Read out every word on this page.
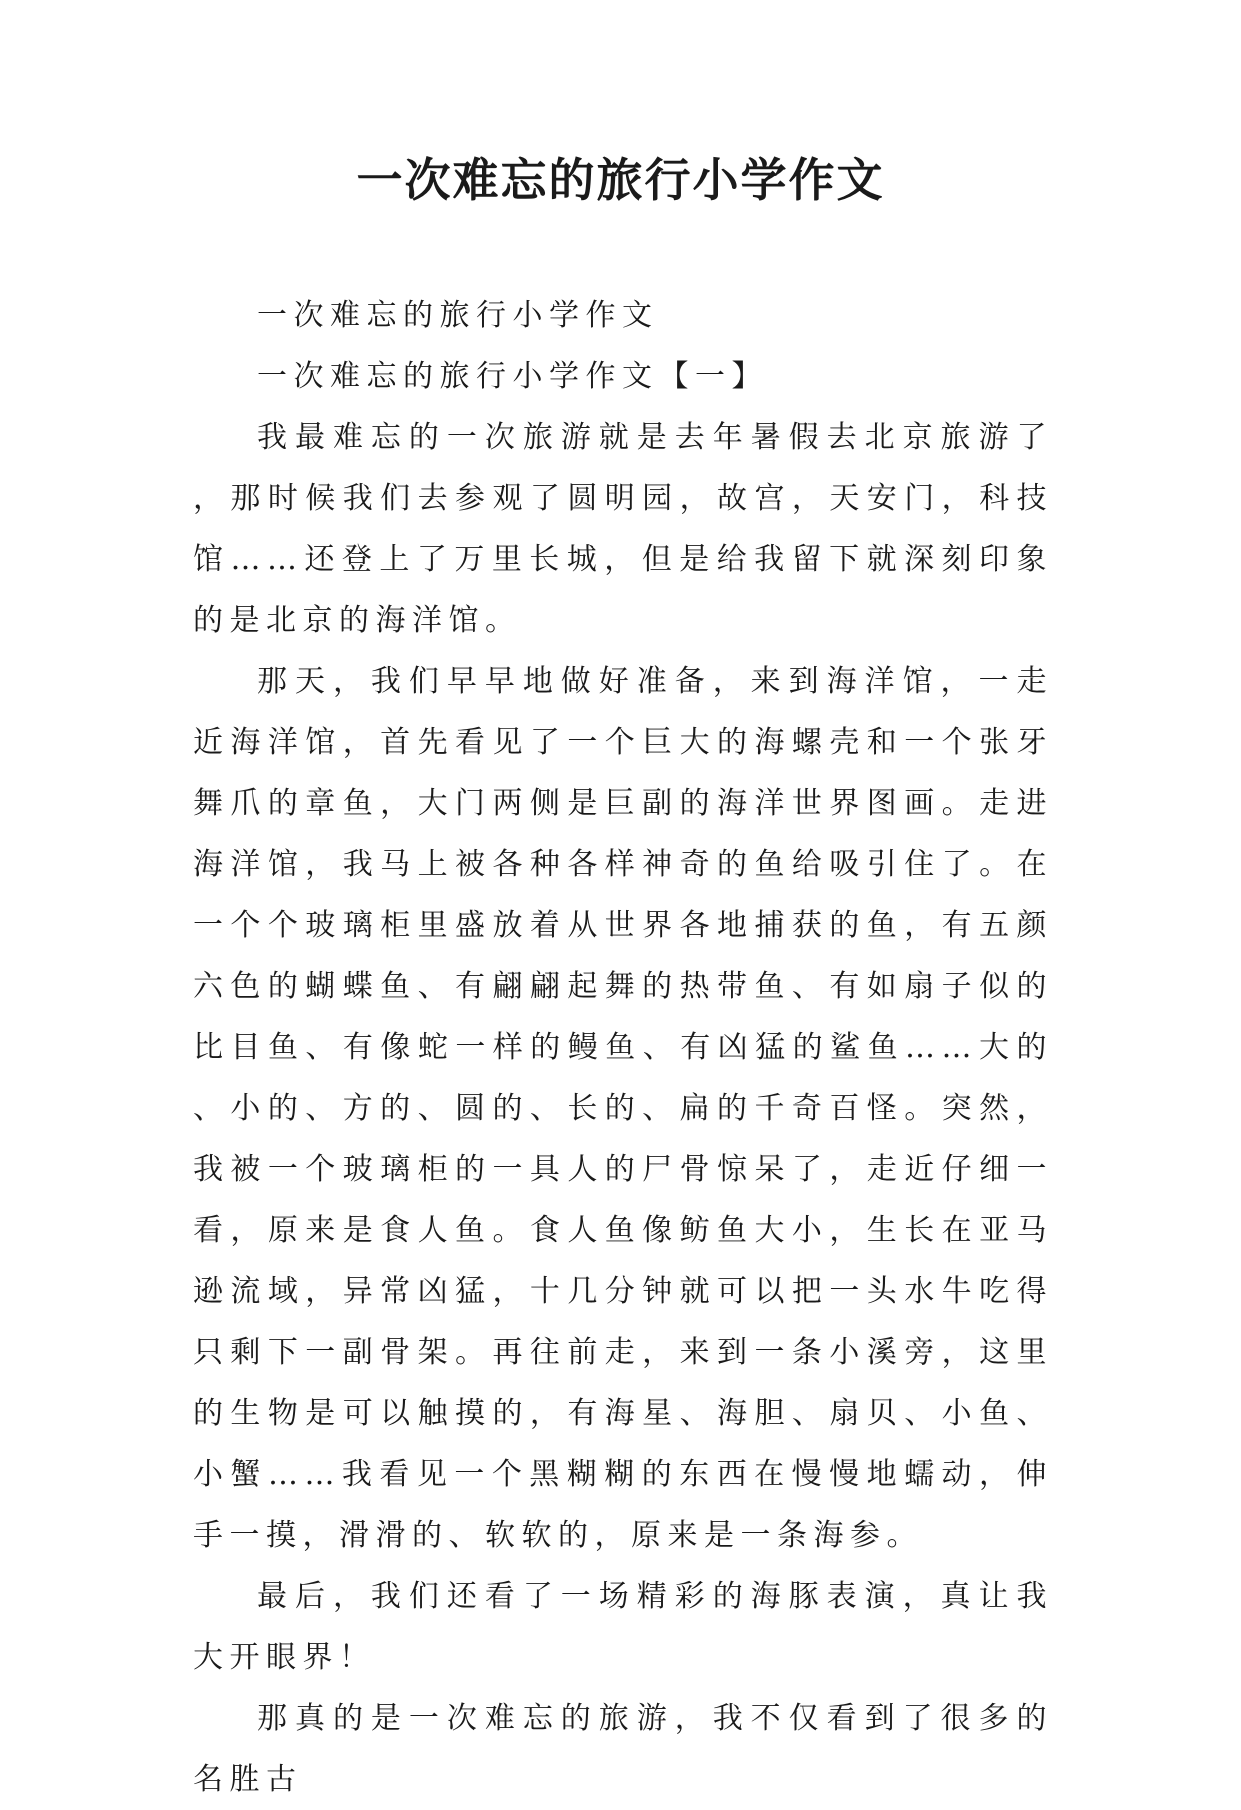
一次难忘的旅行小学作文

一次难忘的旅行小学作文

一次难忘的旅行小学作文【一】

我最难忘的一次旅游就是去年暑假去北京旅游了，那时候我们去参观了圆明园，故宫，天安门，科技馆……还登上了万里长城，但是给我留下就深刻印象的是北京的海洋馆。

那天，我们早早地做好准备，来到海洋馆，一走近海洋馆，首先看见了一个巨大的海螺壳和一个张牙舞爪的章鱼，大门两侧是巨副的海洋世界图画。走进海洋馆，我马上被各种各样神奇的鱼给吸引住了。在一个个玻璃柜里盛放着从世界各地捕获的鱼，有五颜六色的蝴蝶鱼、有翩翩起舞的热带鱼、有如扇子似的比目鱼、有像蛇一样的鳗鱼、有凶猛的鲨鱼……大的、小的、方的、圆的、长的、扁的千奇百怪。突然，我被一个玻璃柜的一具人的尸骨惊呆了，走近仔细一看，原来是食人鱼。食人鱼像鲂鱼大小，生长在亚马逊流域，异常凶猛，十几分钟就可以把一头水牛吃得只剩下一副骨架。再往前走，来到一条小溪旁，这里的生物是可以触摸的，有海星、海胆、扇贝、小鱼、小蟹……我看见一个黑糊糊的东西在慢慢地蠕动，伸手一摸，滑滑的、软软的，原来是一条海参。

最后，我们还看了一场精彩的海豚表演，真让我大开眼界！

那真的是一次难忘的旅游，我不仅看到了很多的名胜古
